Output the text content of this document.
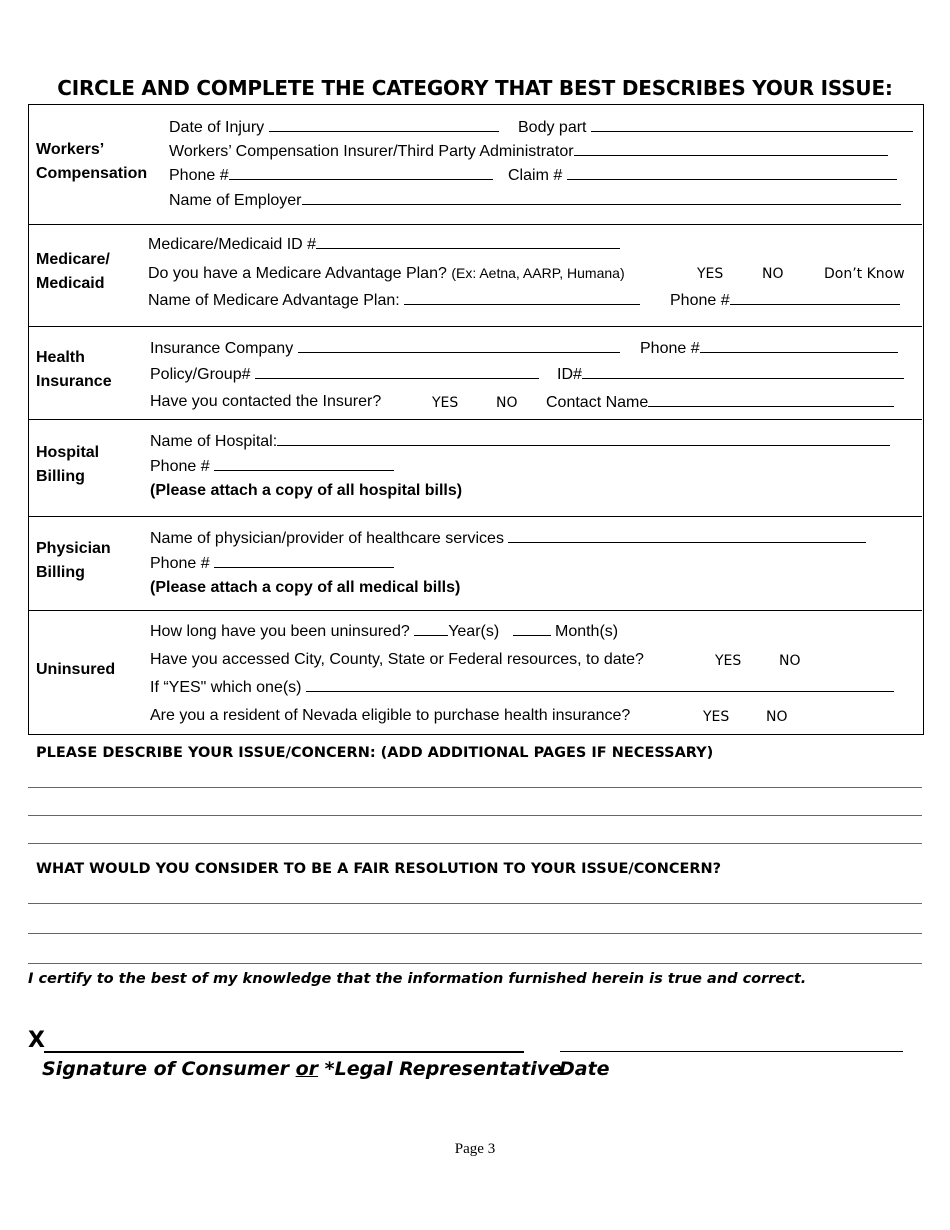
CIRCLE AND COMPLETE THE CATEGORY THAT BEST DESCRIBES YOUR ISSUE:
Workers’
Compensation
Date of Injury	Body part
Workers’ Compensation Insurer/Third Party Administrator
Phone #	Claim #
Name of Employer
Medicare/
Medicaid
Medicare/Medicaid ID #
Do you have a Medicare Advantage Plan? (Ex: Aetna, AARP, Humana)	YES	NO	Don’t Know
Name of Medicare Advantage Plan:	Phone #
Health
Insurance
Insurance Company	Phone #
Policy/Group#	ID#
Have you contacted the Insurer?	YES	NO Contact Name
Hospital
Billing
Name of Hospital:
Phone #
(Please attach a copy of all hospital bills)
Physician
Billing
Name of physician/provider of healthcare services
Phone #
(Please attach a copy of all medical bills)
Uninsured
How long have you been uninsured? Year(s)	Month(s)
Have you accessed City, County, State or Federal resources, to date?	YES	NO
If “YES" which one(s)
Are you a resident of Nevada eligible to purchase health insurance?	YES	NO
PLEASE DESCRIBE YOUR ISSUE/CONCERN: (ADD ADDITIONAL PAGES IF NECESSARY)
WHAT WOULD YOU CONSIDER TO BE A FAIR RESOLUTION TO YOUR ISSUE/CONCERN?
I certify to the best of my knowledge that the information furnished herein is true and correct.
X
Signature of Consumer or *Legal Representative
Date
Page 3
